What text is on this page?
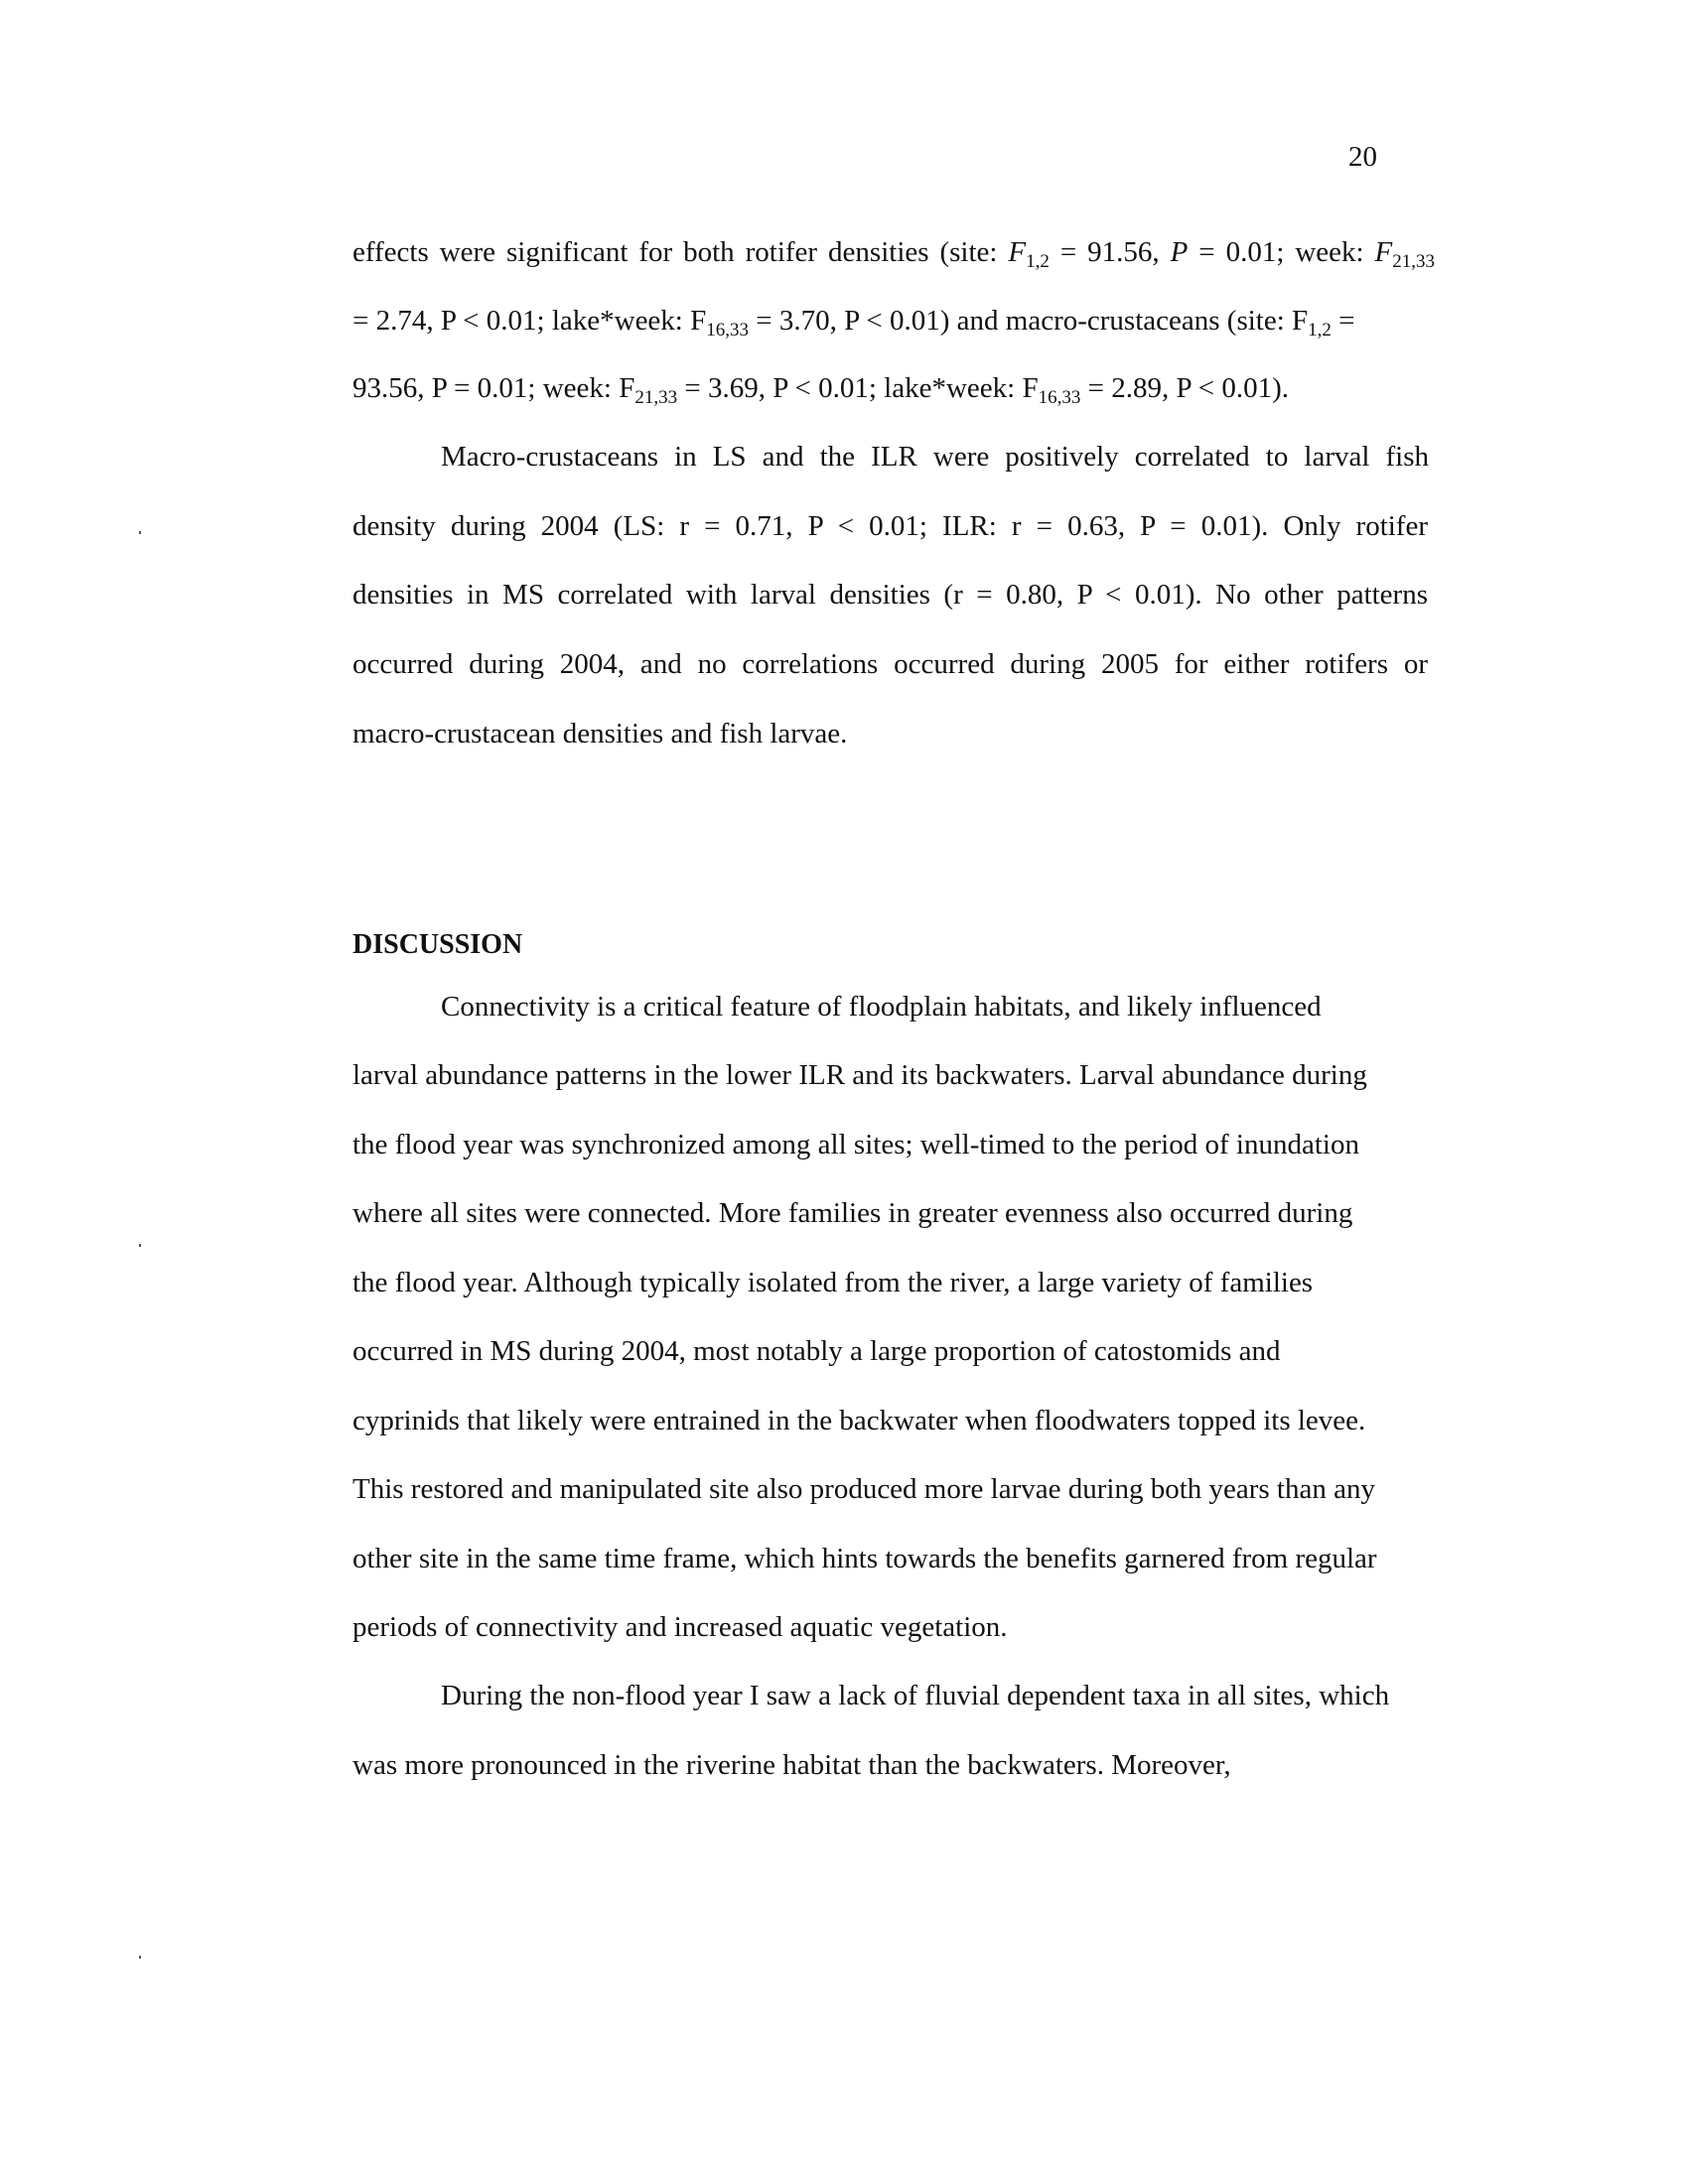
20
effects were significant for both rotifer densities (site: $F_{1,2} = 91.56$, P = 0.01; week: $F_{21,33}$
= 2.74, P < 0.01; lake*week: $F_{16,33} = 3.70$, P < 0.01) and macro-crustaceans (site: $F_{1,2}$ =
93.56, P = 0.01; week: $F_{21,33} = 3.69$, P < 0.01; lake*week: $F_{16,33} = 2.89$, P < 0.01).
Macro-crustaceans in LS and the ILR were positively correlated to larval fish
density during 2004 (LS: r = 0.71, P < 0.01; ILR: r = 0.63, P = 0.01). Only rotifer
densities in MS correlated with larval densities (r = 0.80, P < 0.01). No other patterns
occurred during 2004, and no correlations occurred during 2005 for either rotifers or
macro-crustacean densities and fish larvae.
DISCUSSION
Connectivity is a critical feature of floodplain habitats, and likely influenced
larval abundance patterns in the lower ILR and its backwaters. Larval abundance during
the flood year was synchronized among all sites; well-timed to the period of inundation
where all sites were connected. More families in greater evenness also occurred during
the flood year. Although typically isolated from the river, a large variety of families
occurred in MS during 2004, most notably a large proportion of catostomids and
cyprinids that likely were entrained in the backwater when floodwaters topped its levee.
This restored and manipulated site also produced more larvae during both years than any
other site in the same time frame, which hints towards the benefits garnered from regular
periods of connectivity and increased aquatic vegetation.
During the non-flood year I saw a lack of fluvial dependent taxa in all sites, which
was more pronounced in the riverine habitat than the backwaters. Moreover,
